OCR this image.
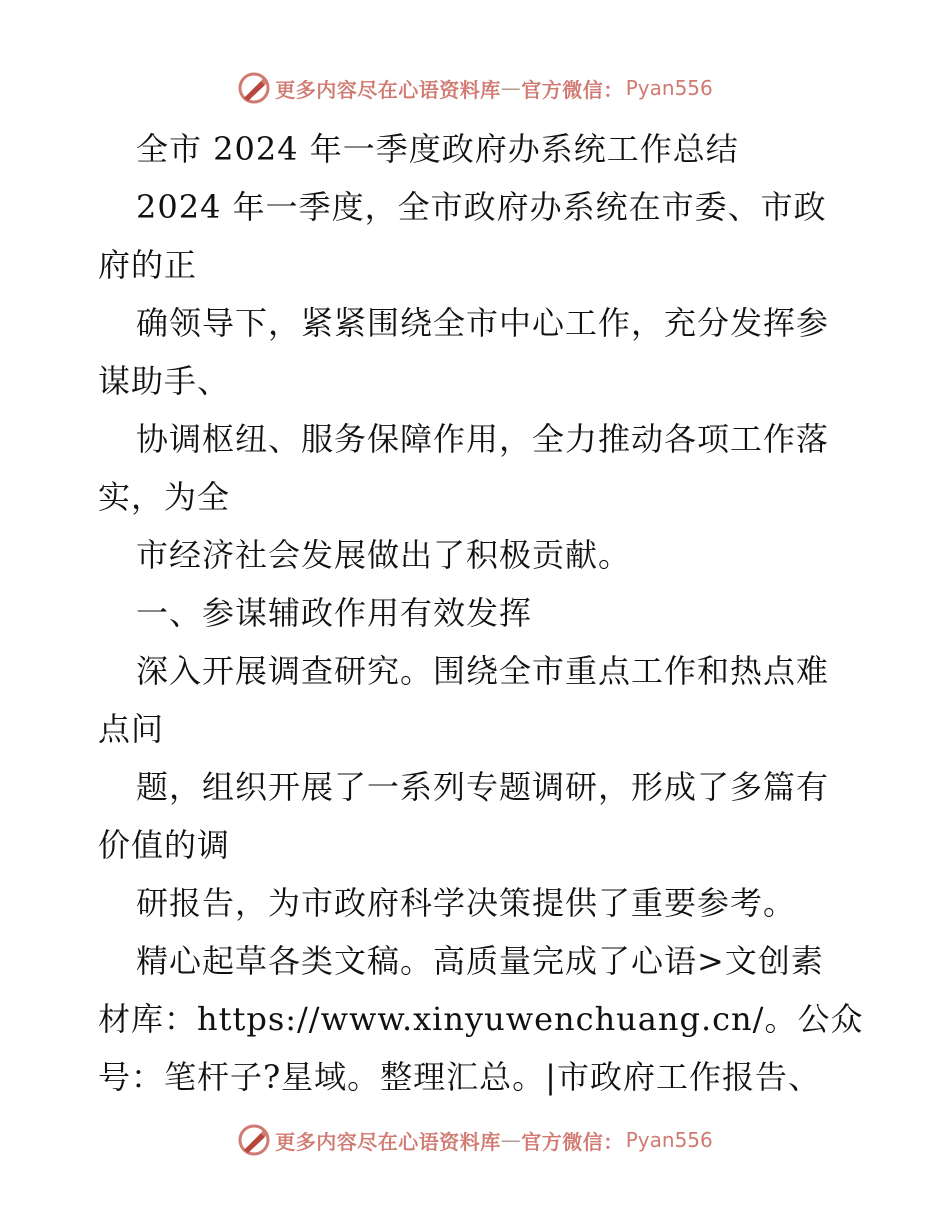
更多内容尽在心语资料库 — 官方微信： Pyan556
全市 2024 年一季度政府办系统工作总结
2024 年一季度，全市政府办系统在市委、市政
府的正
确领导下，紧紧围绕全市中心工作，充分发挥参
谋助手、
协调枢纽、服务保障作用，全力推动各项工作落
实，为全
市经济社会发展做出了积极贡献。
一、参谋辅政作用有效发挥
深入开展调查研究。围绕全市重点工作和热点难
点问
题，组织开展了一系列专题调研，形成了多篇有
价值的调
研报告，为市政府科学决策提供了重要参考。
精心起草各类文稿。高质量完成了心语>文创素
材库：https://www.xinyuwenchuang.cn/。公众
号：笔杆子?星域。整理汇总。|市政府工作报告、
更多内容尽在心语资料库 — 官方微信： Pyan556
